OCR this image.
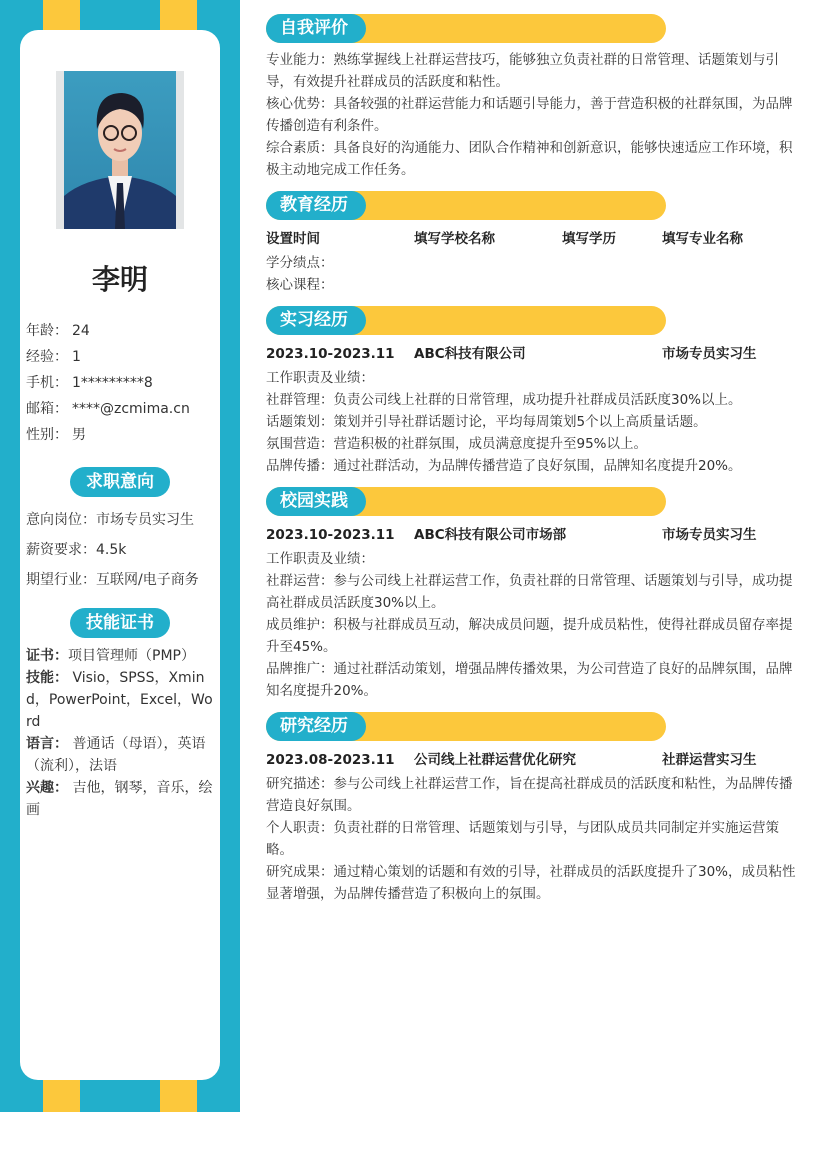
李明
年龄： 24
经验： 1
手机： 1*********8
邮箱： ****@zcmima.cn
性别： 男
求职意向
意向岗位：市场专员实习生
薪资要求：4.5k
期望行业：互联网/电子商务
技能证书
证书：项目管理师（PMP）
技能： Visio，SPSS，Xmind，PowerPoint，Excel，Word
语言： 普通话（母语），英语（流利），法语
兴趣： 吉他，钢琴，音乐，绘画
自我评价
专业能力：熟练掌握线上社群运营技巧，能够独立负责社群的日常管理、话题策划与引导，有效提升社群成员的活跃度和粘性。
核心优势：具备较强的社群运营能力和话题引导能力，善于营造积极的社群氛围，为品牌传播创造有利条件。
综合素质：具备良好的沟通能力、团队合作精神和创新意识，能够快速适应工作环境，积极主动地完成工作任务。
教育经历
设置时间	填写学校名称	填写学历	填写专业名称
学分绩点：
核心课程：
实习经历
2023.10-2023.11	ABC科技有限公司	市场专员实习生
工作职责及业绩：
社群管理：负责公司线上社群的日常管理，成功提升社群成员活跃度30%以上。
话题策划：策划并引导社群话题讨论，平均每周策划5个以上高质量话题。
氛围营造：营造积极的社群氛围，成员满意度提升至95%以上。
品牌传播：通过社群活动，为品牌传播营造了良好氛围，品牌知名度提升20%。
校园实践
2023.10-2023.11	ABC科技有限公司市场部	市场专员实习生
工作职责及业绩：
社群运营：参与公司线上社群运营工作，负责社群的日常管理、话题策划与引导，成功提高社群成员活跃度30%以上。
成员维护：积极与社群成员互动，解决成员问题，提升成员粘性，使得社群成员留存率提升至45%。
品牌推广：通过社群活动策划，增强品牌传播效果，为公司营造了良好的品牌氛围，品牌知名度提升20%。
研究经历
2023.08-2023.11	公司线上社群运营优化研究	社群运营实习生
研究描述：参与公司线上社群运营工作，旨在提高社群成员的活跃度和粘性，为品牌传播营造良好氛围。
个人职责：负责社群的日常管理、话题策划与引导，与团队成员共同制定并实施运营策略。
研究成果：通过精心策划的话题和有效的引导，社群成员的活跃度提升了30%，成员粘性显著增强，为品牌传播营造了积极向上的氛围。
